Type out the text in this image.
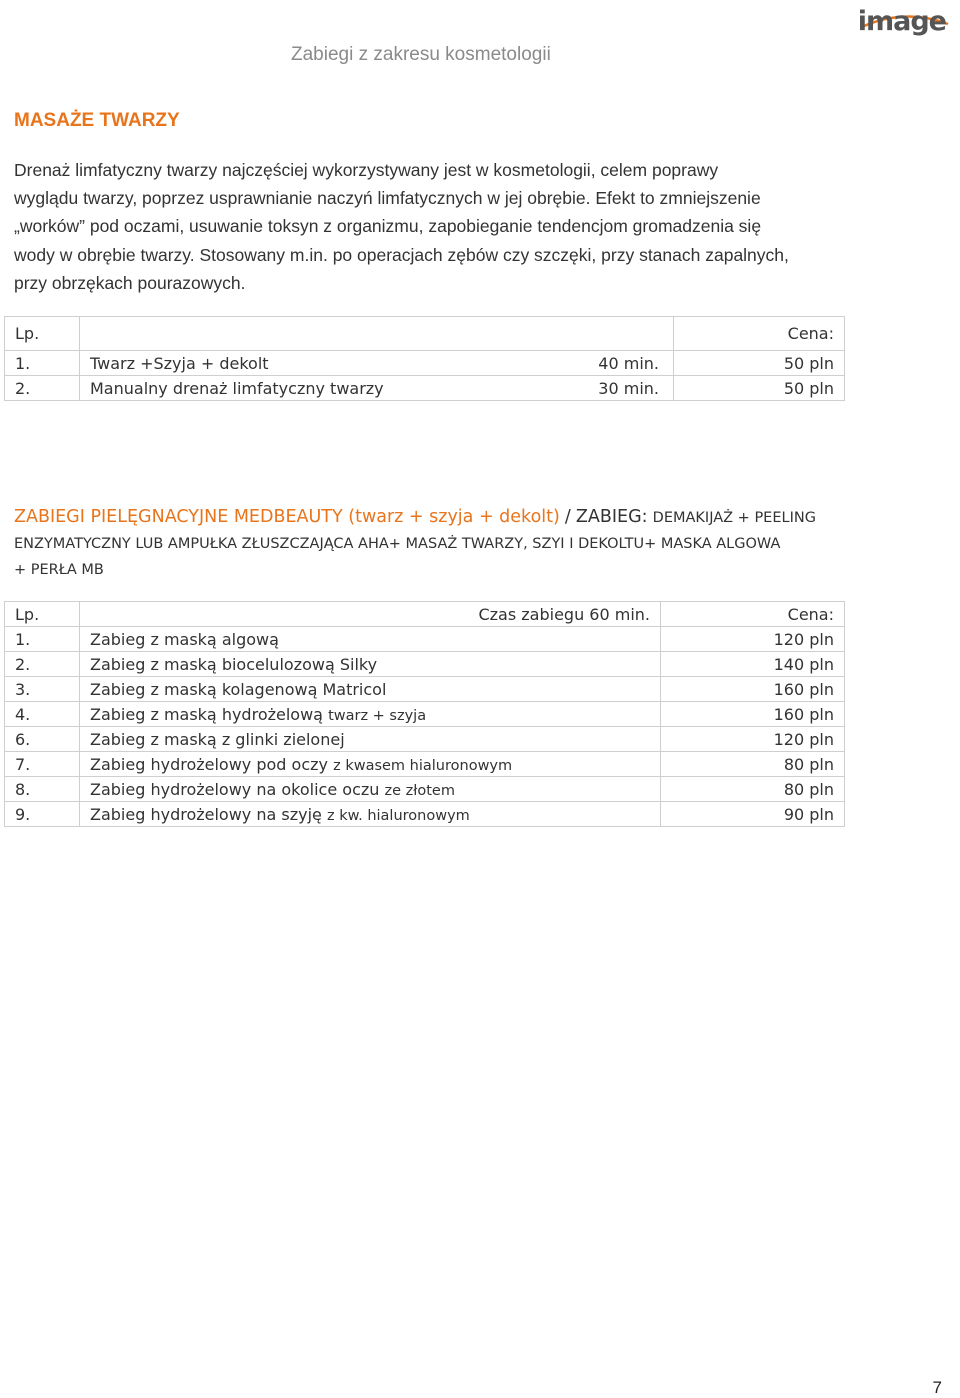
image
Zabiegi z zakresu kosmetologii
MASAŻE TWARZY
Drenaż limfatyczny twarzy najczęściej wykorzystywany jest w kosmetologii, celem poprawy
wyglądu twarzy, poprzez usprawnianie naczyń limfatycznych w jej obrębie. Efekt to zmniejszenie
„worków” pod oczami, usuwanie toksyn z organizmu, zapobieganie tendencjom gromadzenia się
wody w obrębie twarzy. Stosowany m.in. po operacjach zębów czy szczęki, przy stanach zapalnych,
przy obrzękach pourazowych.
Lp.			Cena:
1.	Twarz +Szyja + dekolt	40 min.	50 pln
2.	Manualny drenaż limfatyczny twarzy	30 min.	50 pln
ZABIEGI PIELĘGNACYJNE MEDBEAUTY (twarz + szyja + dekolt) / ZABIEG: DEMAKIJAŻ + PEELING
ENZYMATYCZNY LUB AMPUŁKA ZŁUSZCZAJĄCA AHA+ MASAŻ TWARZY, SZYI I DEKOLTU+ MASKA ALGOWA
+ PERŁA MB
Lp.	Czas zabiegu 60 min.	Cena:
1.	Zabieg z maską algową	120 pln
2.	Zabieg z maską biocelulozową Silky	140 pln
3.	Zabieg z maską kolagenową Matricol	160 pln
4.	Zabieg z maską hydrożelową twarz + szyja	160 pln
6.	Zabieg z maską z glinki zielonej	120 pln
7.	Zabieg hydrożelowy pod oczy z kwasem hialuronowym	80 pln
8.	Zabieg hydrożelowy na okolice oczu ze złotem	80 pln
9.	Zabieg hydrożelowy na szyję z kw. hialuronowym	90 pln
7
